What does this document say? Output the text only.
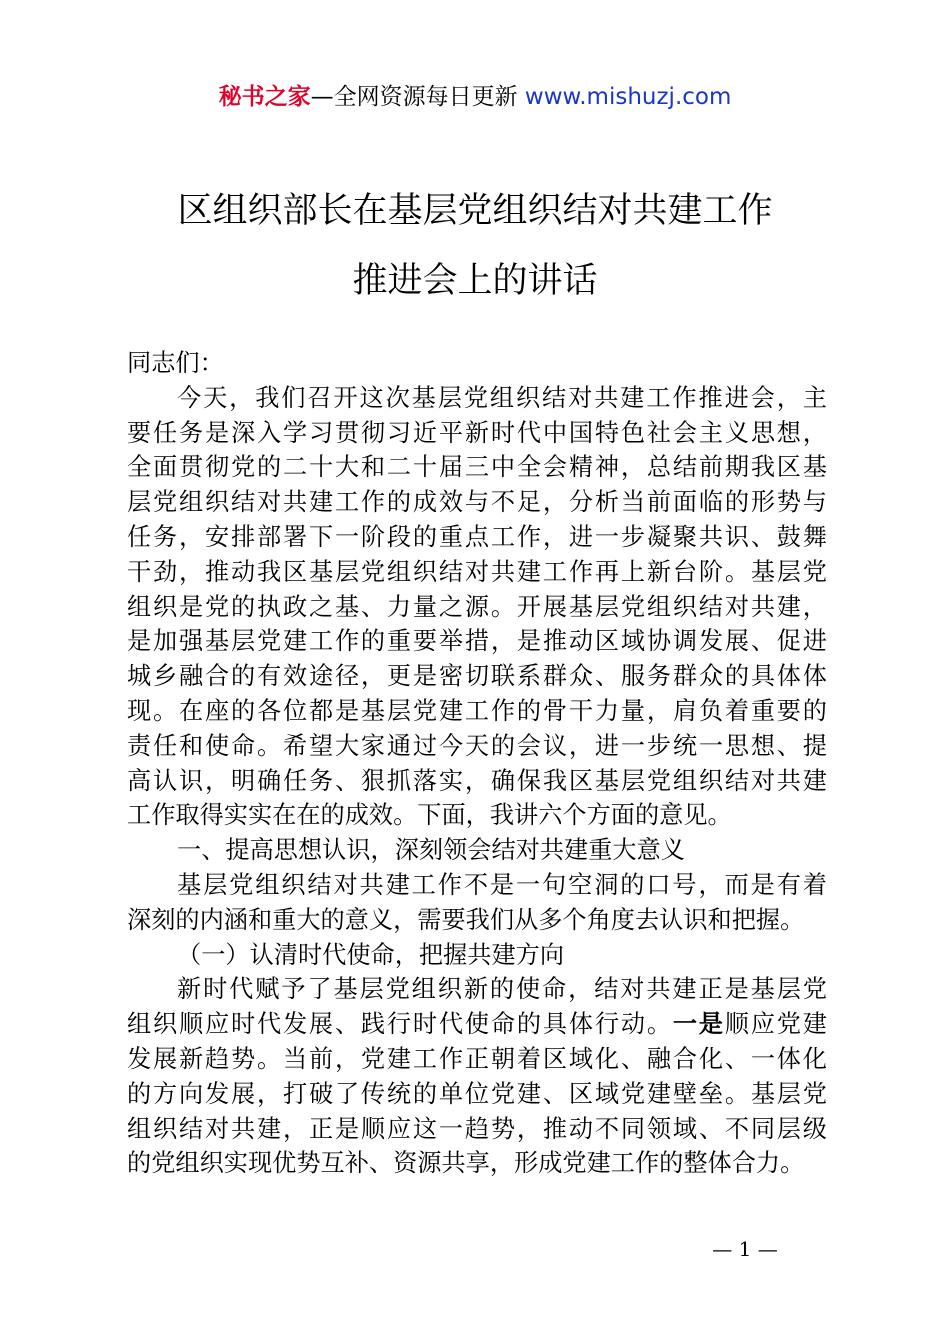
秘书之家—全网资源每日更新 www.mishuzj.com
区组织部长在基层党组织结对共建工作
推进会上的讲话
同志们：
今天，我们召开这次基层党组织结对共建工作推进会，主
要任务是深入学习贯彻习近平新时代中国特色社会主义思想，
全面贯彻党的二十大和二十届三中全会精神，总结前期我区基
层党组织结对共建工作的成效与不足，分析当前面临的形势与
任务，安排部署下一阶段的重点工作，进一步凝聚共识、鼓舞
干劲，推动我区基层党组织结对共建工作再上新台阶。基层党
组织是党的执政之基、力量之源。开展基层党组织结对共建，
是加强基层党建工作的重要举措，是推动区域协调发展、促进
城乡融合的有效途径，更是密切联系群众、服务群众的具体体
现。在座的各位都是基层党建工作的骨干力量，肩负着重要的
责任和使命。希望大家通过今天的会议，进一步统一思想、提
高认识，明确任务、狠抓落实，确保我区基层党组织结对共建
工作取得实实在在的成效。下面，我讲六个方面的意见。
一、提高思想认识，深刻领会结对共建重大意义
基层党组织结对共建工作不是一句空洞的口号，而是有着
深刻的内涵和重大的意义，需要我们从多个角度去认识和把握。
（一）认清时代使命，把握共建方向
新时代赋予了基层党组织新的使命，结对共建正是基层党
组织顺应时代发展、践行时代使命的具体行动。一是顺应党建
发展新趋势。当前，党建工作正朝着区域化、融合化、一体化
的方向发展，打破了传统的单位党建、区域党建壁垒。基层党
组织结对共建，正是顺应这一趋势，推动不同领域、不同层级
的党组织实现优势互补、资源共享，形成党建工作的整体合力。
— 1 —
